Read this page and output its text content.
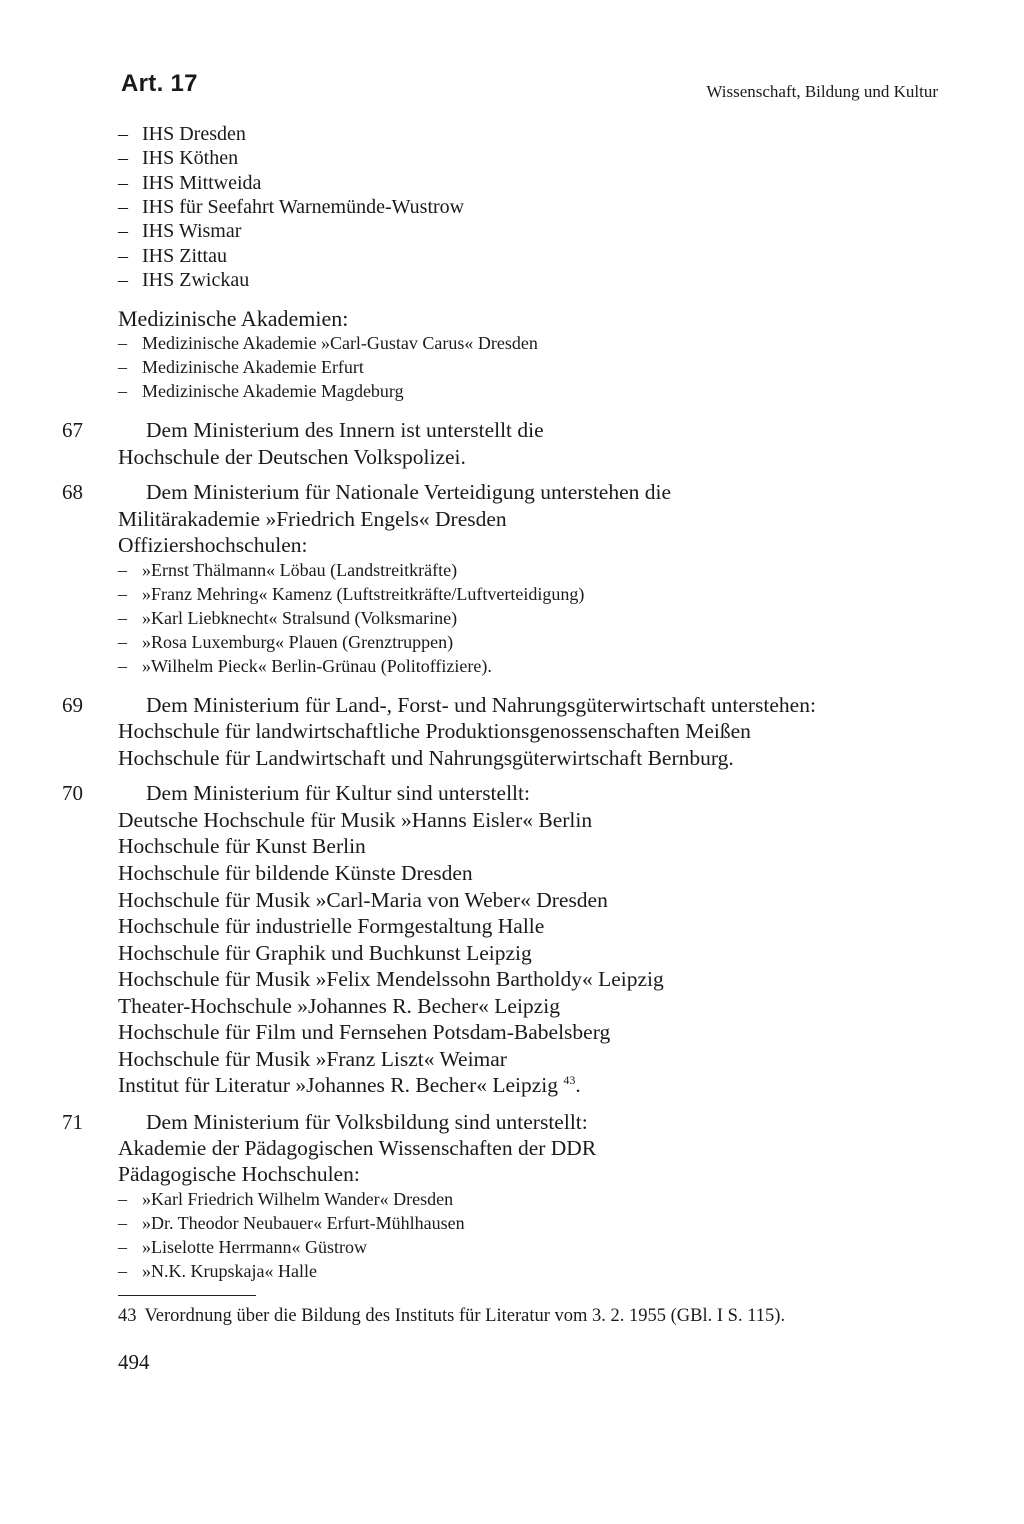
Art. 17	Wissenschaft, Bildung und Kultur
– IHS Dresden
– IHS Köthen
– IHS Mittweida
– IHS für Seefahrt Warnemünde-Wustrow
– IHS Wismar
– IHS Zittau
– IHS Zwickau
Medizinische Akademien:
– Medizinische Akademie »Carl-Gustav Carus« Dresden
– Medizinische Akademie Erfurt
– Medizinische Akademie Magdeburg
67	Dem Ministerium des Innern ist unterstellt die
Hochschule der Deutschen Volkspolizei.
68	Dem Ministerium für Nationale Verteidigung unterstehen die
Militärakademie »Friedrich Engels« Dresden
Offiziershochschulen:
– »Ernst Thälmann« Löbau (Landstreitkräfte)
– »Franz Mehring« Kamenz (Luftstreitkräfte/Luftverteidigung)
– »Karl Liebknecht« Stralsund (Volksmarine)
– »Rosa Luxemburg« Plauen (Grenztruppen)
– »Wilhelm Pieck« Berlin-Grünau (Politoffiziere).
69	Dem Ministerium für Land-, Forst- und Nahrungsgüterwirtschaft unterstehen:
Hochschule für landwirtschaftliche Produktionsgenossenschaften Meißen
Hochschule für Landwirtschaft und Nahrungsgüterwirtschaft Bernburg.
70	Dem Ministerium für Kultur sind unterstellt:
Deutsche Hochschule für Musik »Hanns Eisler« Berlin
Hochschule für Kunst Berlin
Hochschule für bildende Künste Dresden
Hochschule für Musik »Carl-Maria von Weber« Dresden
Hochschule für industrielle Formgestaltung Halle
Hochschule für Graphik und Buchkunst Leipzig
Hochschule für Musik »Felix Mendelssohn Bartholdy« Leipzig
Theater-Hochschule »Johannes R. Becher« Leipzig
Hochschule für Film und Fernsehen Potsdam-Babelsberg
Hochschule für Musik »Franz Liszt« Weimar
Institut für Literatur »Johannes R. Becher« Leipzig $^{43}$.
71	Dem Ministerium für Volksbildung sind unterstellt:
Akademie der Pädagogischen Wissenschaften der DDR
Pädagogische Hochschulen:
– »Karl Friedrich Wilhelm Wander« Dresden
– »Dr. Theodor Neubauer« Erfurt-Mühlhausen
– »Liselotte Herrmann« Güstrow
– »N.K. Krupskaja« Halle
43 Verordnung über die Bildung des Instituts für Literatur vom 3. 2. 1955 (GBl. I S. 115).
494
